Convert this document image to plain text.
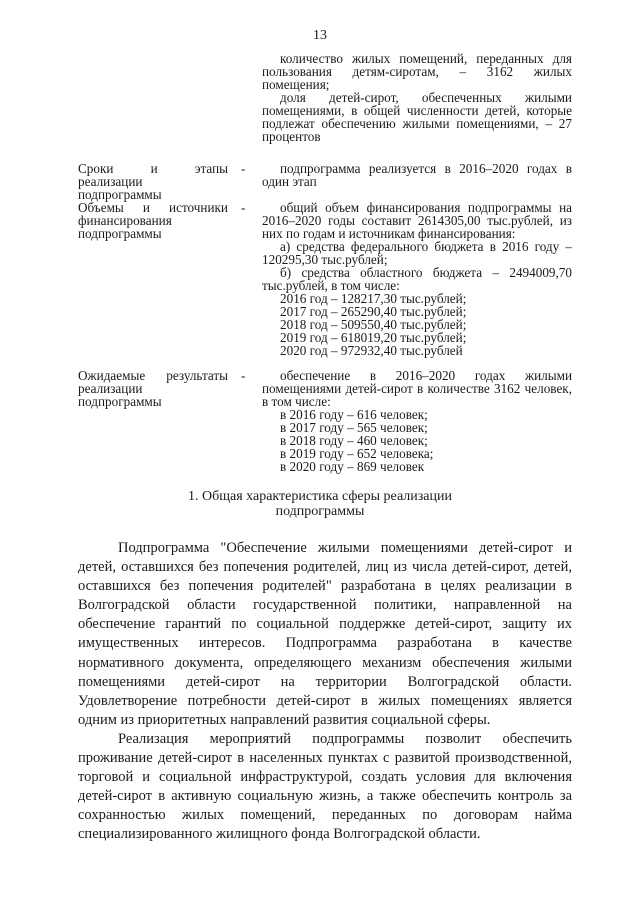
13

количество жилых помещений, переданных для пользования детям-сиротам, – 3162 жилых помещения;

доля детей-сирот, обеспеченных жилыми помещениями, в общей численности детей, которые подлежат обеспечению жилыми помещениями, – 27 процентов

Сроки и этапы реализации подпрограммы
-	подпрограмма реализуется в 2016–2020 годах в один этап

Объемы и источники финансирования подпрограммы
-	общий объем финансирования подпрограммы на 2016–2020 годы составит 2614305,00 тыс.рублей, из них по годам и источникам финансирования:

а) средства федерального бюджета в 2016 году – 120295,30 тыс.рублей;

б) средства областного бюджета – 2494009,70 тыс.рублей, в том числе:

2016 год – 128217,30 тыс.рублей;

2017 год – 265290,40 тыс.рублей;

2018 год – 509550,40 тыс.рублей;

2019 год – 618019,20 тыс.рублей;

2020 год – 972932,40 тыс.рублей

Ожидаемые результаты реализации подпрограммы
-	обеспечение в 2016–2020 годах жилыми помещениями детей-сирот в количестве 3162 человек, в том числе:

в 2016 году – 616 человек;

в 2017 году – 565 человек;

в 2018 году – 460 человек;

в 2019 году – 652 человека;

в 2020 году – 869 человек

1. Общая характеристика сферы реализации
подпрограммы

Подпрограмма "Обеспечение жилыми помещениями детей-сирот и детей, оставшихся без попечения родителей, лиц из числа детей-сирот, детей, оставшихся без попечения родителей" разработана в целях реализации в Волгоградской области государственной политики, направленной на обеспечение гарантий по социальной поддержке детей-сирот, защиту их имущественных интересов. Подпрограмма разработана в качестве нормативного документа, определяющего механизм обеспечения жилыми помещениями детей-сирот на территории Волгоградской области. Удовлетворение потребности детей-сирот в жилых помещениях является одним из приоритетных направлений развития социальной сферы.

Реализация мероприятий подпрограммы позволит обеспечить проживание детей-сирот в населенных пунктах с развитой производственной, торговой и социальной инфраструктурой, создать условия для включения детей-сирот в активную социальную жизнь, а также обеспечить контроль за сохранностью жилых помещений, переданных по договорам найма специализированного жилищного фонда Волгоградской области.
